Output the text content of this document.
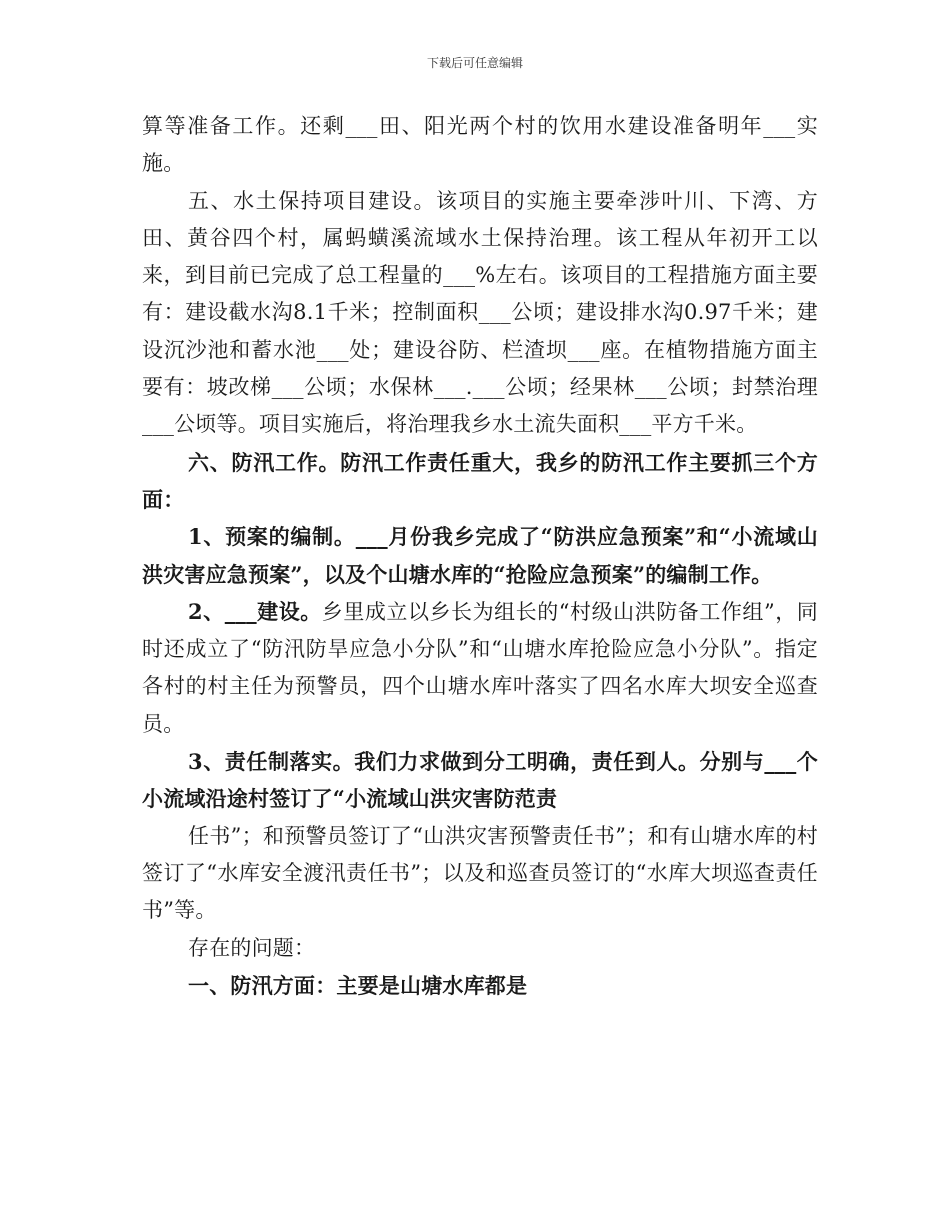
下载后可任意编辑

算等准备工作。还剩___田、阳光两个村的饮用水建设准备明年___实施。

五、水土保持项目建设。该项目的实施主要牵涉叶川、下湾、方田、黄谷四个村，属蚂蟥溪流域水土保持治理。该工程从年初开工以来，到目前已完成了总工程量的___%左右。该项目的工程措施方面主要有：建设截水沟8.1千米；控制面积___公顷；建设排水沟0.97千米；建设沉沙池和蓄水池___处；建设谷防、栏渣坝___座。在植物措施方面主要有：坡改梯___公顷；水保林___.___公顷；经果林___公顷；封禁治理___公顷等。项目实施后，将治理我乡水土流失面积___平方千米。

六、防汛工作。防汛工作责任重大，我乡的防汛工作主要抓三个方面：

1、预案的编制。___月份我乡完成了“防洪应急预案”和“小流域山洪灾害应急预案”，以及个山塘水库的“抢险应急预案”的编制工作。

2、___建设。乡里成立以乡长为组长的“村级山洪防备工作组”，同时还成立了“防汛防旱应急小分队”和“山塘水库抢险应急小分队”。指定各村的村主任为预警员，四个山塘水库叶落实了四名水库大坝安全巡查员。

3、责任制落实。我们力求做到分工明确，责任到人。分别与___个小流域沿途村签订了“小流域山洪灾害防范责

任书”；和预警员签订了“山洪灾害预警责任书”；和有山塘水库的村签订了“水库安全渡汛责任书”；以及和巡查员签订的“水库大坝巡查责任书”等。

存在的问题：

一、防汛方面：主要是山塘水库都是
